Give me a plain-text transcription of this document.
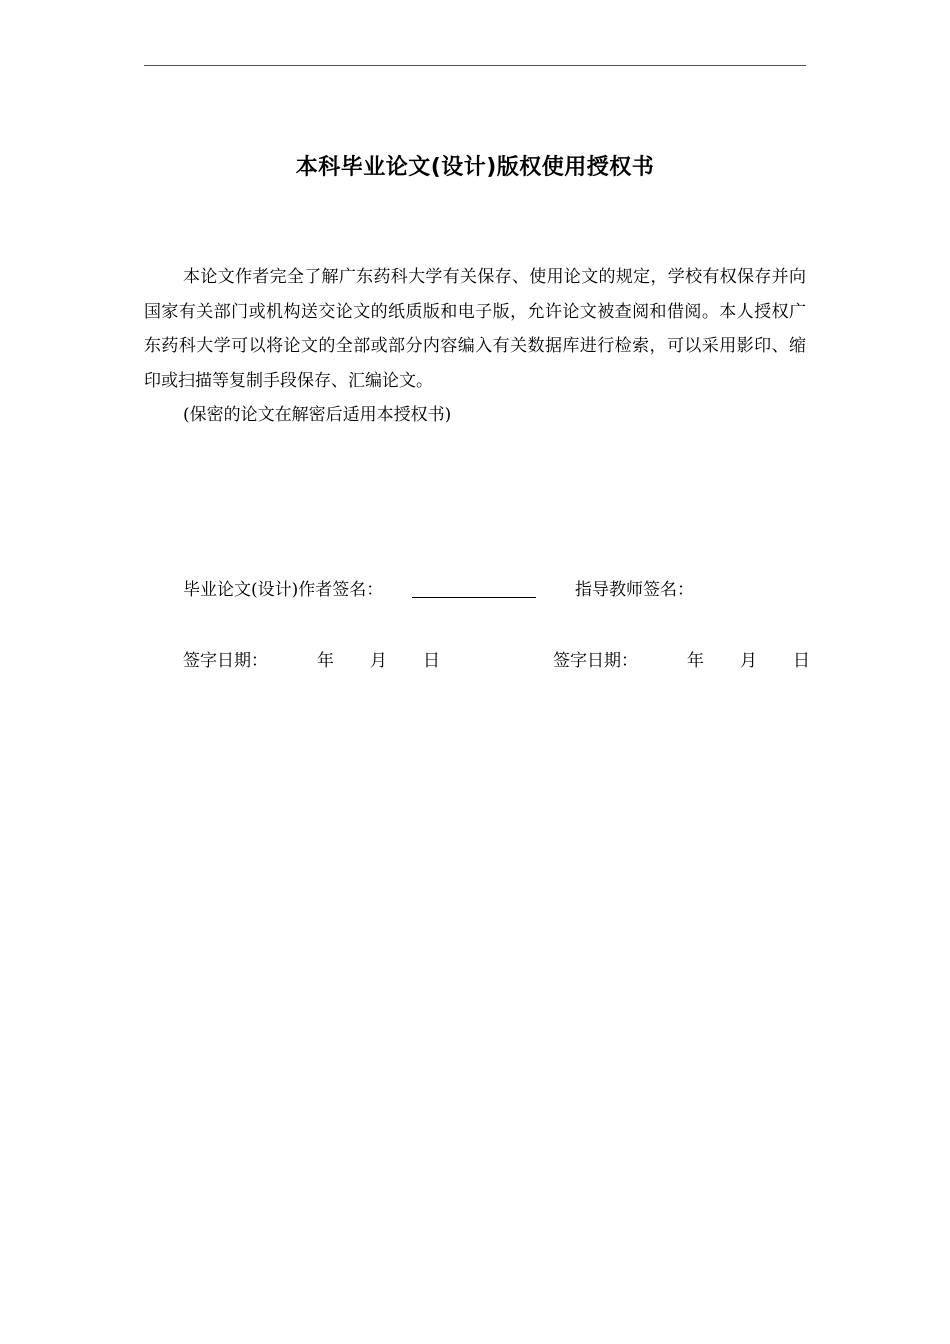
本科毕业论文(设计)版权使用授权书

本论文作者完全了解广东药科大学有关保存、使用论文的规定，学校有权保存并向国家有关部门或机构送交论文的纸质版和电子版，允许论文被查阅和借阅。本人授权广东药科大学可以将论文的全部或部分内容编入有关数据库进行检索，可以采用影印、缩印或扫描等复制手段保存、汇编论文。

(保密的论文在解密后适用本授权书)

毕业论文(设计)作者签名：	指导教师签名：
签字日期：	年 月 日	签字日期：	年 月 日
